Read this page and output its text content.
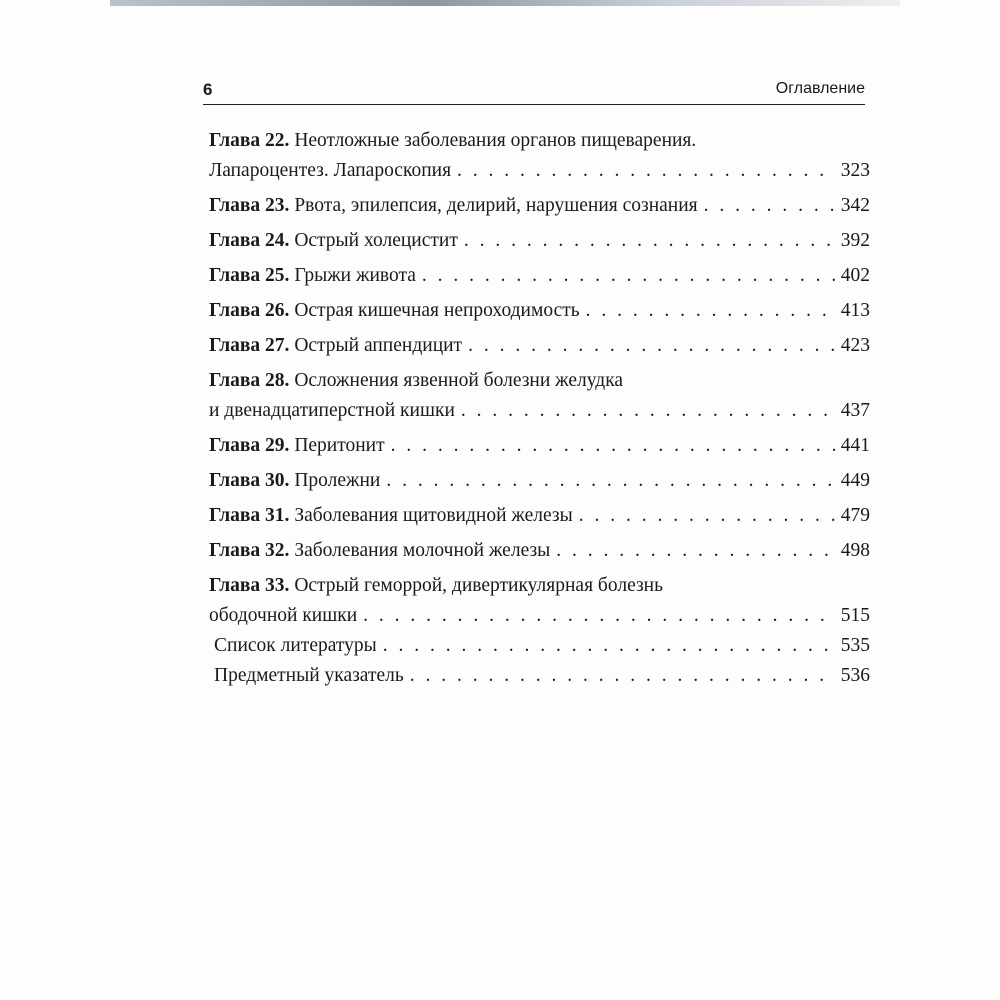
6	Оглавление
Глава 22. Неотложные заболевания органов пищеварения.
Лапароцентез. Лапароскопия . . .	323
Глава 23. Рвота, эпилепсия, делирий, нарушения сознания . . .	342
Глава 24. Острый холецистит . . .	392
Глава 25. Грыжи живота . . .	402
Глава 26. Острая кишечная непроходимость . . .	413
Глава 27. Острый аппендицит . . .	423
Глава 28. Осложнения язвенной болезни желудка
и двенадцатиперстной кишки . . .	437
Глава 29. Перитонит . . .	441
Глава 30. Пролежни . . .	449
Глава 31. Заболевания щитовидной железы . . .	479
Глава 32. Заболевания молочной железы . . .	498
Глава 33. Острый геморрой, дивертикулярная болезнь
ободочной кишки . . .	515
Список литературы . . .	535
Предметный указатель . . .	536
